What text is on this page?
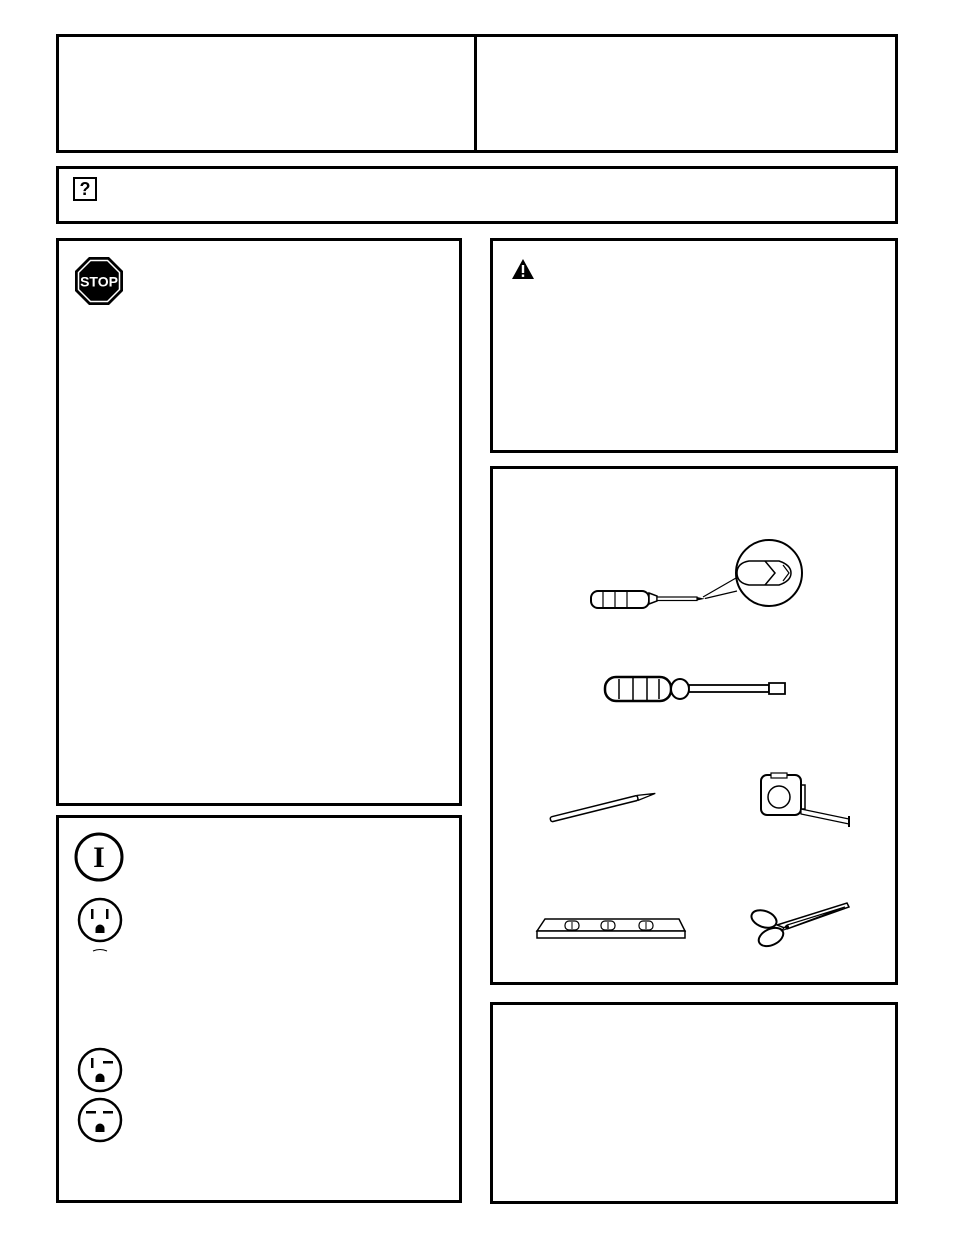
?
STOP
I
